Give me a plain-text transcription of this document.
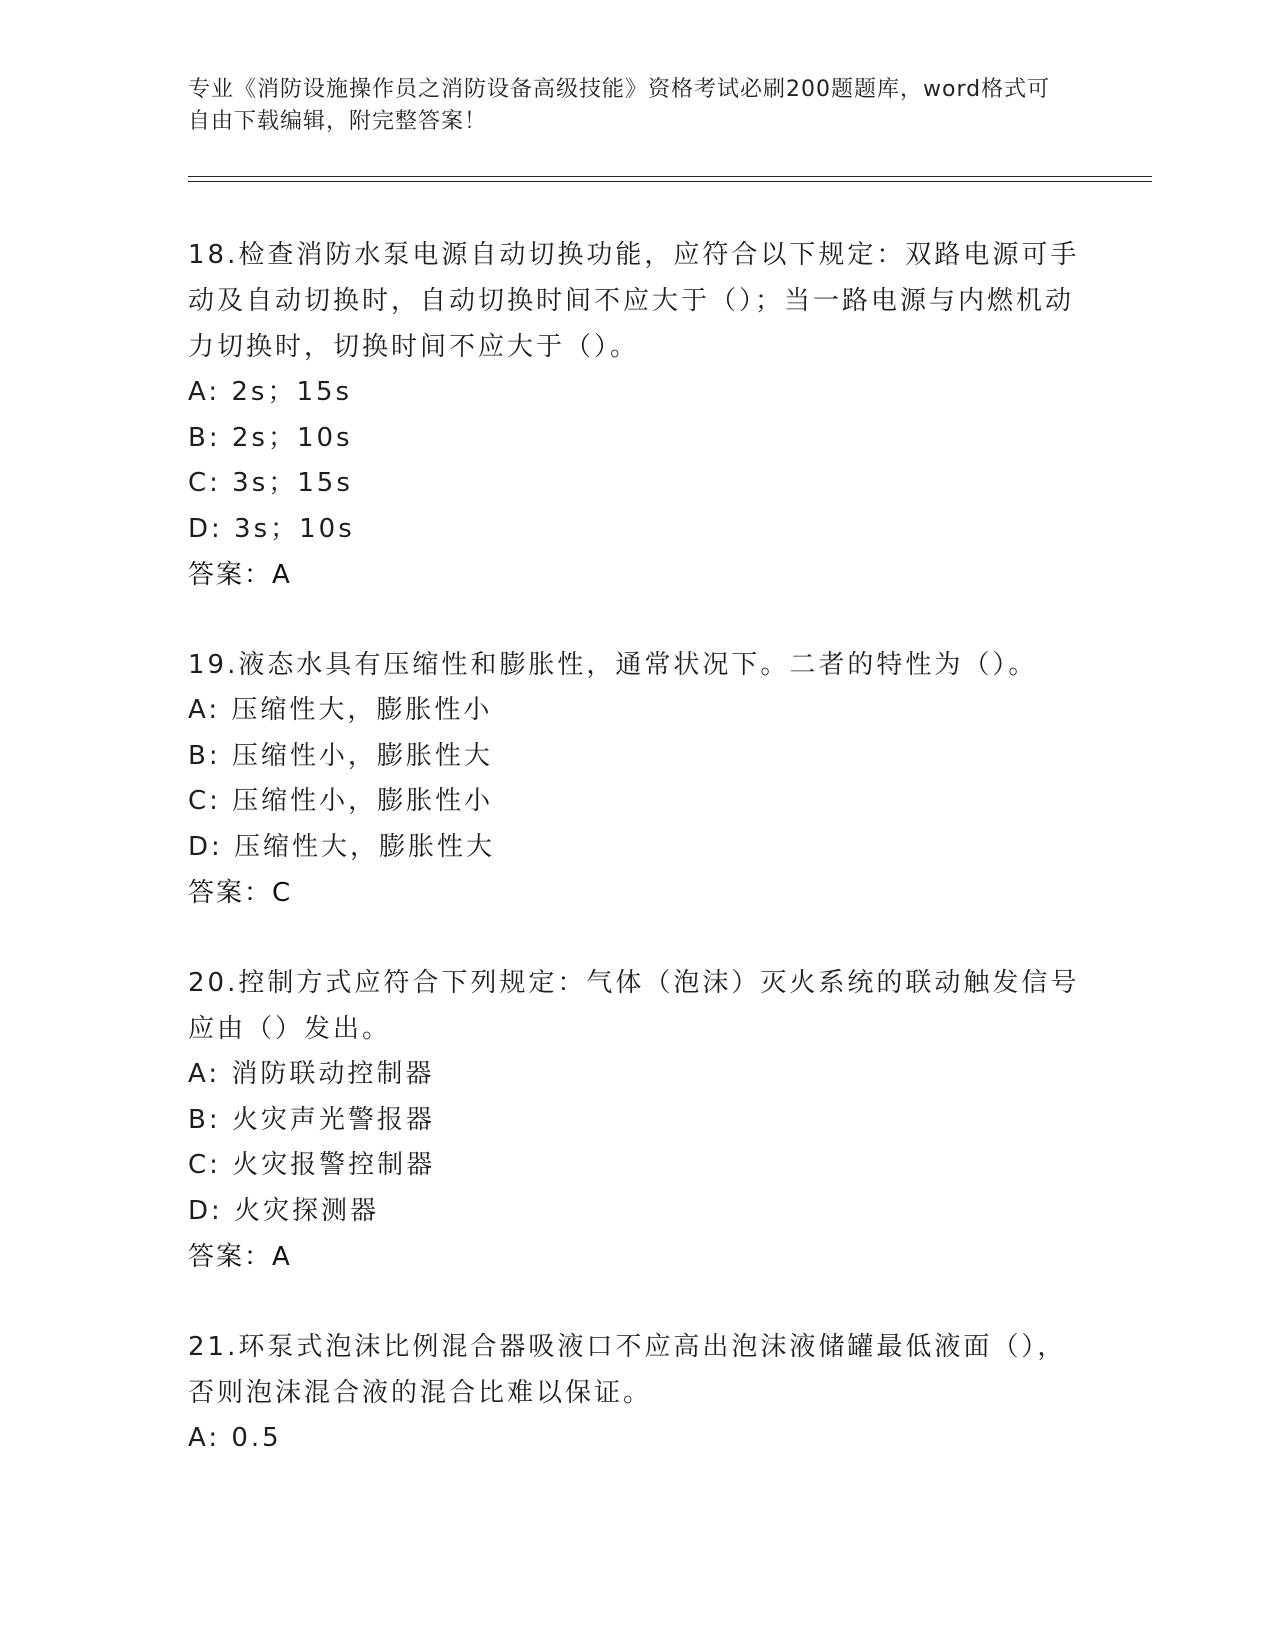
专业《消防设施操作员之消防设备高级技能》资格考试必刷200题题库，word格式可自由下载编辑，附完整答案！
18.检查消防水泵电源自动切换功能，应符合以下规定：双路电源可手动及自动切换时，自动切换时间不应大于（）；当一路电源与内燃机动力切换时，切换时间不应大于（）。
A: 2s；15s
B: 2s；10s
C: 3s；15s
D: 3s；10s
答案：A
19.液态水具有压缩性和膨胀性，通常状况下。二者的特性为（）。
A: 压缩性大，膨胀性小
B: 压缩性小，膨胀性大
C: 压缩性小，膨胀性小
D: 压缩性大，膨胀性大
答案：C
20.控制方式应符合下列规定：气体（泡沫）灭火系统的联动触发信号应由（）发出。
A: 消防联动控制器
B: 火灾声光警报器
C: 火灾报警控制器
D: 火灾探测器
答案：A
21.环泵式泡沫比例混合器吸液口不应高出泡沫液储罐最低液面（），否则泡沫混合液的混合比难以保证。
A: 0.5
